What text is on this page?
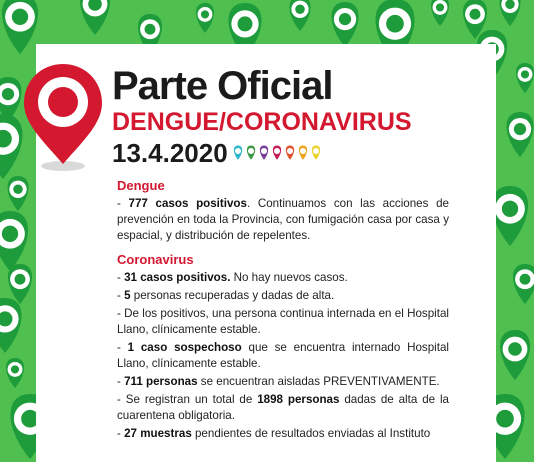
Parte Oficial
DENGUE/CORONAVIRUS
13.4.2020
Dengue

- 777 casos positivos. Continuamos con las acciones de prevención en toda la Provincia, con fumigación casa por casa y espacial, y distribución de repelentes.

Coronavirus

- 31 casos positivos. No hay nuevos casos.

- 5 personas recuperadas y dadas de alta.

- De los positivos, una persona continua internada en el Hospital Llano, clínicamente estable.

- 1 caso sospechoso que se encuentra internado Hospital Llano, clínicamente estable.

- 711 personas se encuentran aisladas PREVENTIVAMENTE.

- Se registran un total de 1898 personas dadas de alta de la cuarentena obligatoria.

- 27 muestras pendientes de resultados enviadas al Instituto
